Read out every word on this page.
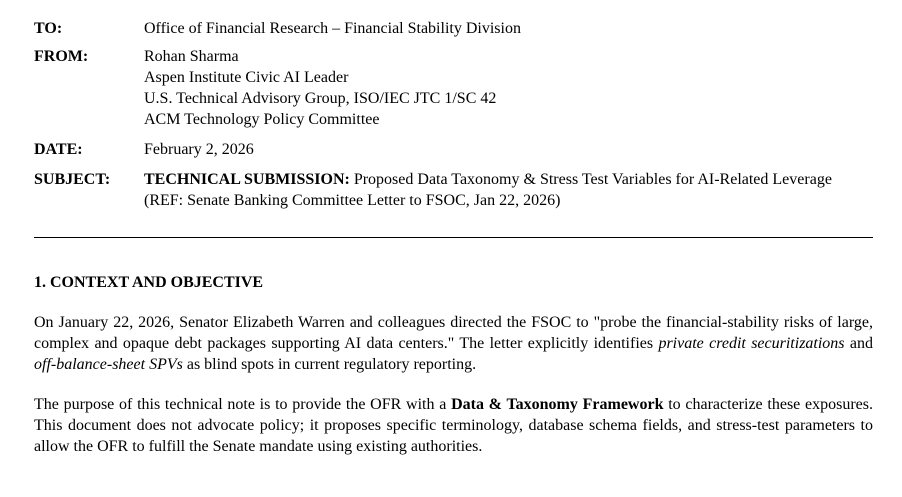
TO:	Office of Financial Research – Financial Stability Division
FROM:	Rohan Sharma
Aspen Institute Civic AI Leader
U.S. Technical Advisory Group, ISO/IEC JTC 1/SC 42
ACM Technology Policy Committee
DATE:	February 2, 2026
SUBJECT:	TECHNICAL SUBMISSION: Proposed Data Taxonomy & Stress Test Variables for AI-Related Leverage
(REF: Senate Banking Committee Letter to FSOC, Jan 22, 2026)
1. CONTEXT AND OBJECTIVE
On January 22, 2026, Senator Elizabeth Warren and colleagues directed the FSOC to "probe the financial-stability risks of large, complex and opaque debt packages supporting AI data centers." The letter explicitly identifies private credit securitizations and off-balance-sheet SPVs as blind spots in current regulatory reporting.
The purpose of this technical note is to provide the OFR with a Data & Taxonomy Framework to characterize these exposures. This document does not advocate policy; it proposes specific terminology, database schema fields, and stress-test parameters to allow the OFR to fulfill the Senate mandate using existing authorities.
